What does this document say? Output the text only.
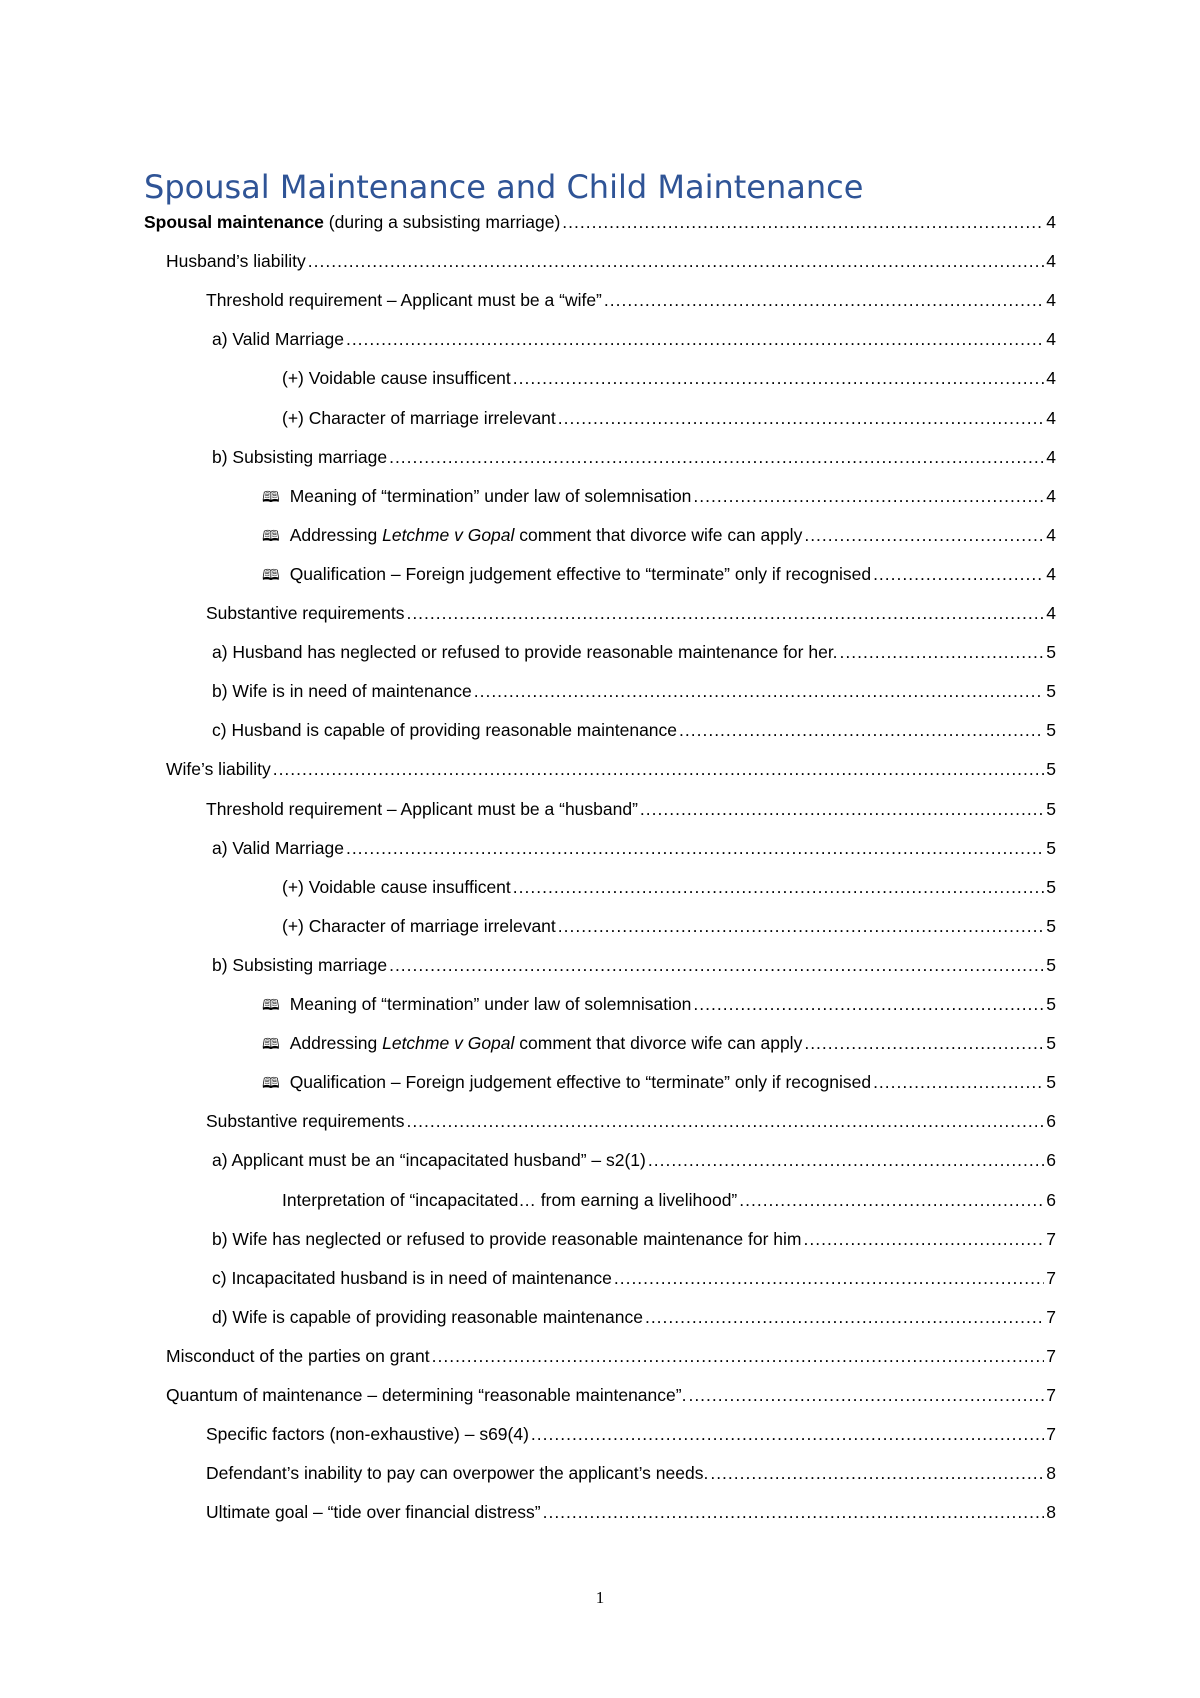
Spousal Maintenance and Child Maintenance
Spousal maintenance (during a subsisting marriage) .....	4
Husband’s liability .....	4
Threshold requirement – Applicant must be a “wife” .....	4
a) Valid Marriage .....	4
(+) Voidable cause insufficent .....	4
(+) Character of marriage irrelevant .....	4
b) Subsisting marriage .....	4
🕮 Meaning of “termination” under law of solemnisation .....	4
🕮 Addressing Letchme v Gopal comment that divorce wife can apply .....	4
🕮 Qualification – Foreign judgement effective to “terminate” only if recognised .....	4
Substantive requirements .....	4
a) Husband has neglected or refused to provide reasonable maintenance for her. .....	5
b) Wife is in need of maintenance .....	5
c) Husband is capable of providing reasonable maintenance .....	5
Wife’s liability .....	5
Threshold requirement – Applicant must be a “husband” .....	5
a) Valid Marriage .....	5
(+) Voidable cause insufficent .....	5
(+) Character of marriage irrelevant .....	5
b) Subsisting marriage .....	5
🕮 Meaning of “termination” under law of solemnisation .....	5
🕮 Addressing Letchme v Gopal comment that divorce wife can apply .....	5
🕮 Qualification – Foreign judgement effective to “terminate” only if recognised .....	5
Substantive requirements .....	6
a) Applicant must be an “incapacitated husband” – s2(1) .....	6
Interpretation of “incapacitated… from earning a livelihood” .....	6
b) Wife has neglected or refused to provide reasonable maintenance for him .....	7
c) Incapacitated husband is in need of maintenance .....	7
d) Wife is capable of providing reasonable maintenance .....	7
Misconduct of the parties on grant .....	7
Quantum of maintenance – determining “reasonable maintenance”. .....	7
Specific factors (non-exhaustive) – s69(4) .....	7
Defendant’s inability to pay can overpower the applicant’s needs. .....	8
Ultimate goal – “tide over financial distress” .....	8
1
